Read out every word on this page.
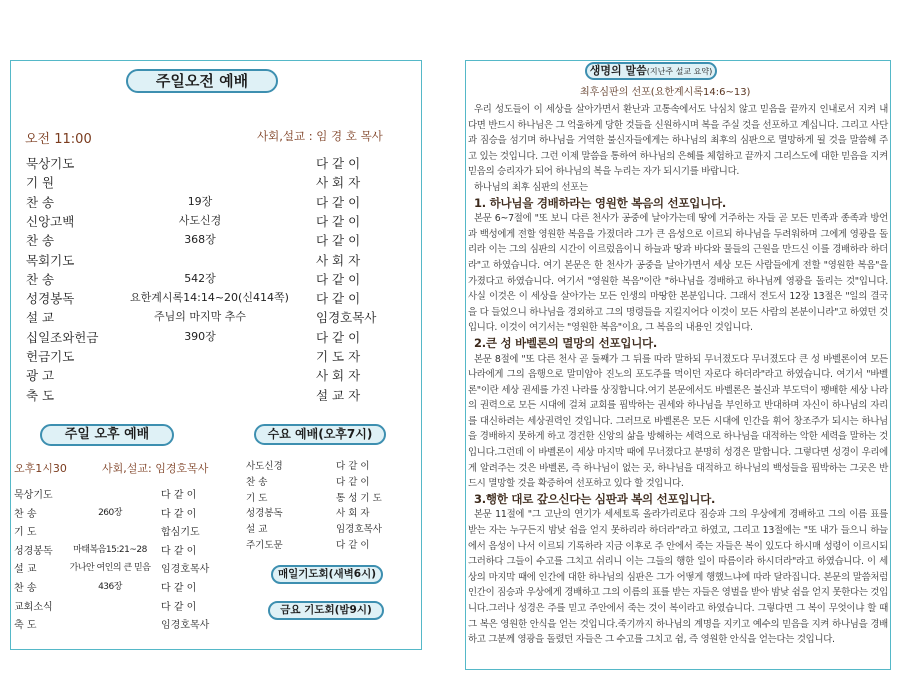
주일오전 예배
오전 11:00	사회,설교 : 임 경 호 목사
묵상기도	다 같 이
기 원	사 회 자
찬 송	19장	다 같 이
신앙고백	사도신경	다 같 이
찬 송	368장	다 같 이
목회기도	사 회 자
찬 송	542장	다 같 이
성경봉독	요한계시록14:14~20(신414쪽) 다 같 이
설 교	주님의 마지막 추수	임경호목사
십일조와헌금	390장	다 같 이
헌금기도	기 도 자
광 고	사 회 자
축 도	설 교 자
주일 오후 예배	수요 예배(오후7시)
오후1시30	사회,설교: 임경호목사
묵상기도	다 같 이
찬 송	260장	다 같 이
기 도	합심기도
성경봉독	마태복음15:21~28	다 같 이
설 교	가나안 여인의 큰 믿음	임경호목사
찬 송	436장	다 같 이
교회소식	다 같 이
축 도	임경호목사
사도신경	다 같 이
찬 송	다 같 이
기 도	통 성 기 도
성경봉독	사 회 자
설 교	임경호목사
주기도문	다 같 이
매일기도회(새벽6시)
금요 기도회(밤9시)
생명의 말씀(지난주 설교 요약)
최후심판의 선포(요한계시록14:6~13)

우리 성도들이 이 세상을 살아가면서 환난과 고통속에서도 낙심치 않고 믿음을 끝까지 인내로서 지켜 내다면 반드시 하나님은 그 억울하게 당한 것들을 신원하시며 복을 주실 것을 선포하고 계십니다. 그리고 사단과 짐승을 섬기며 하나님을 거역한 불신자들에게는 하나님의 최후의 심판으로 멸망하게 될 것을 말씀해 주고 있는 것입니다. 그런 이제 말씀을 통하여 하나님의 은혜를 체험하고 끝까지 그리스도에 대한 믿음을 지켜 믿음의 승리자가 되어 하나님의 복을 누리는 자가 되시기를 바랍니다.

하나님의 최후 심판의 선포는

1. 하나님을 경배하라는 영원한 복음의 선포입니다.

본문 6~7절에 "또 보니 다른 천사가 공중에 날아가는데 땅에 거주하는 자들 곧 모든 민족과 종족과 방언과 백성에게 전할 영원한 복음을 가졌더라 그가 큰 음성으로 이르되 하나님을 두려워하며 그에게 영광을 돌리라 이는 그의 심판의 시간이 이르렀음이니 하늘과 땅과 바다와 물들의 근원을 만드신 이를 경배하라 하더라"고 하였습니다. 여기 본문은 한 천사가 공중을 날아가면서 세상 모든 사람들에게 전할 "영원한 복음"을 가졌다고 하였습니다. 여기서 "영원한 복음"이란 "하나님을 경배하고 하나님께 영광을 돌리는 것"입니다. 사실 이것은 이 세상을 살아가는 모든 인생의 마땅한 본분입니다. 그래서 전도서 12장 13절은 "일의 결국을 다 들었으니 하나님을 경외하고 그의 명령들을 지킬지어다 이것이 모든 사람의 본분이니라"고 하였던 것입니다. 이것이 여기서는 "영원한 복음"이요, 그 복음의 내용인 것입니다.

2.큰 성 바벨론의 멸망의 선포입니다.

본문 8절에 "또 다른 천사 곧 둘째가 그 뒤를 따라 말하되 무너졌도다 무너졌도다 큰 성 바벨론이여 모든 나라에게 그의 음행으로 말미암아 진노의 포도주를 먹이던 자로다 하더라"라고 하였습니다. 여기서 "바벨론"이란 세상 권세를 가진 나라를 상징합니다.여기 본문에서도 바벨론은 불신과 부도덕이 팽배한 세상 나라의 권력으로 모든 시대에 걸쳐 교회를 핍박하는 권세와 하나님을 부인하고 반대하며 자신이 하나님의 자리를 대신하려는 세상권력인 것입니다. 그러므로 바벨론은 모든 시대에 인간을 휘어 창조주가 되시는 하나님을 경배하지 못하게 하고 경건한 신앙의 삶을 방해하는 세력으로 하나님을 대적하는 악한 세력을 말하는 것입니다.그런데 이 바벨론이 세상 마지막 때에 무너졌다고 분명히 성경은 말합니다. 그렇다면 성경이 우리에게 알려주는 것은 바벨론, 즉 하나님이 없는 곳, 하나님을 대적하고 하나님의 백성들을 핍박하는 그곳은 반드시 멸망할 것을 확증하여 선포하고 있다 할 것입니다.

3.행한 대로 갚으신다는 심판과 복의 선포입니다.

본문 11절에 "그 고난의 연기가 세세토록 올라가리로다 짐승과 그의 우상에게 경배하고 그의 이름 표를 받는 자는 누구든지 밤낮 쉼을 얻지 못하리라 하더라"라고 하였고, 그리고 13절에는 "또 내가 들으니 하늘에서 음성이 나서 이르되 기록하라 지금 이후로 주 안에서 죽는 자들은 복이 있도다 하시매 성령이 이르시되 그러하다 그들이 수고를 그치고 쉬리니 이는 그들의 행한 일이 따름이라 하시더라"라고 하였습니다. 이 세상의 마지막 때에 인간에 대한 하나님의 심판은 그가 어떻게 행했느냐에 따라 달라집니다. 본문의 말씀처럼 인간이 짐승과 우상에게 경배하고 그의 이름의 표를 받는 자들은 영벌을 받아 밤낮 쉼을 얻지 못한다는 것입니다.그러나 성경은 주를 믿고 주안에서 죽는 것이 복이라고 하였습니다. 그렇다면 그 복이 무엇이냐 할 때 그 복은 영원한 안식을 얻는 것입니다.죽기까지 하나님의 계명을 지키고 예수의 믿음을 지켜 하나님을 경배하고 그분께 영광을 돌렸던 자들은 그 수고를 그치고 쉼, 즉 영원한 안식을 얻는다는 것입니다.
